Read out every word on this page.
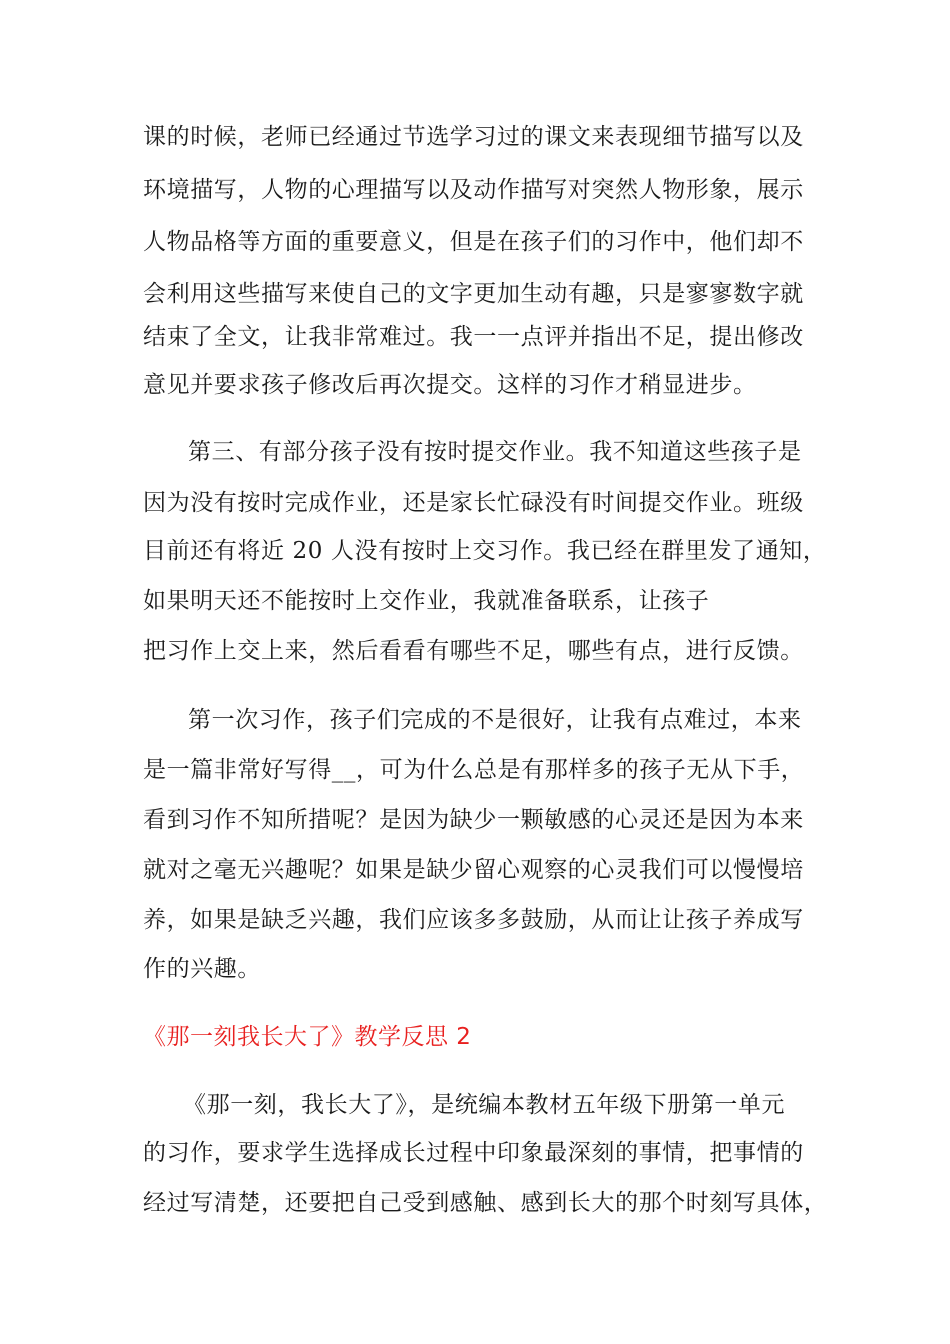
课的时候，老师已经通过节选学习过的课文来表现细节描写以及
环境描写，人物的心理描写以及动作描写对突然人物形象，展示
人物品格等方面的重要意义，但是在孩子们的习作中，他们却不
会利用这些描写来使自己的文字更加生动有趣，只是寥寥数字就
结束了全文，让我非常难过。我一一点评并指出不足，提出修改
意见并要求孩子修改后再次提交。这样的习作才稍显进步。
第三、有部分孩子没有按时提交作业。我不知道这些孩子是
因为没有按时完成作业，还是家长忙碌没有时间提交作业。班级
目前还有将近 20 人没有按时上交习作。我已经在群里发了通知，
如果明天还不能按时上交作业，我就准备联系，让孩子
把习作上交上来，然后看看有哪些不足，哪些有点，进行反馈。
第一次习作，孩子们完成的不是很好，让我有点难过，本来
是一篇非常好写得__，可为什么总是有那样多的孩子无从下手，
看到习作不知所措呢？是因为缺少一颗敏感的心灵还是因为本来
就对之毫无兴趣呢？如果是缺少留心观察的心灵我们可以慢慢培
养，如果是缺乏兴趣，我们应该多多鼓励，从而让让孩子养成写
作的兴趣。
《那一刻我长大了》教学反思 2
《那一刻，我长大了》，是统编本教材五年级下册第一单元
的习作，要求学生选择成长过程中印象最深刻的事情，把事情的
经过写清楚，还要把自己受到感触、感到长大的那个时刻写具体，
